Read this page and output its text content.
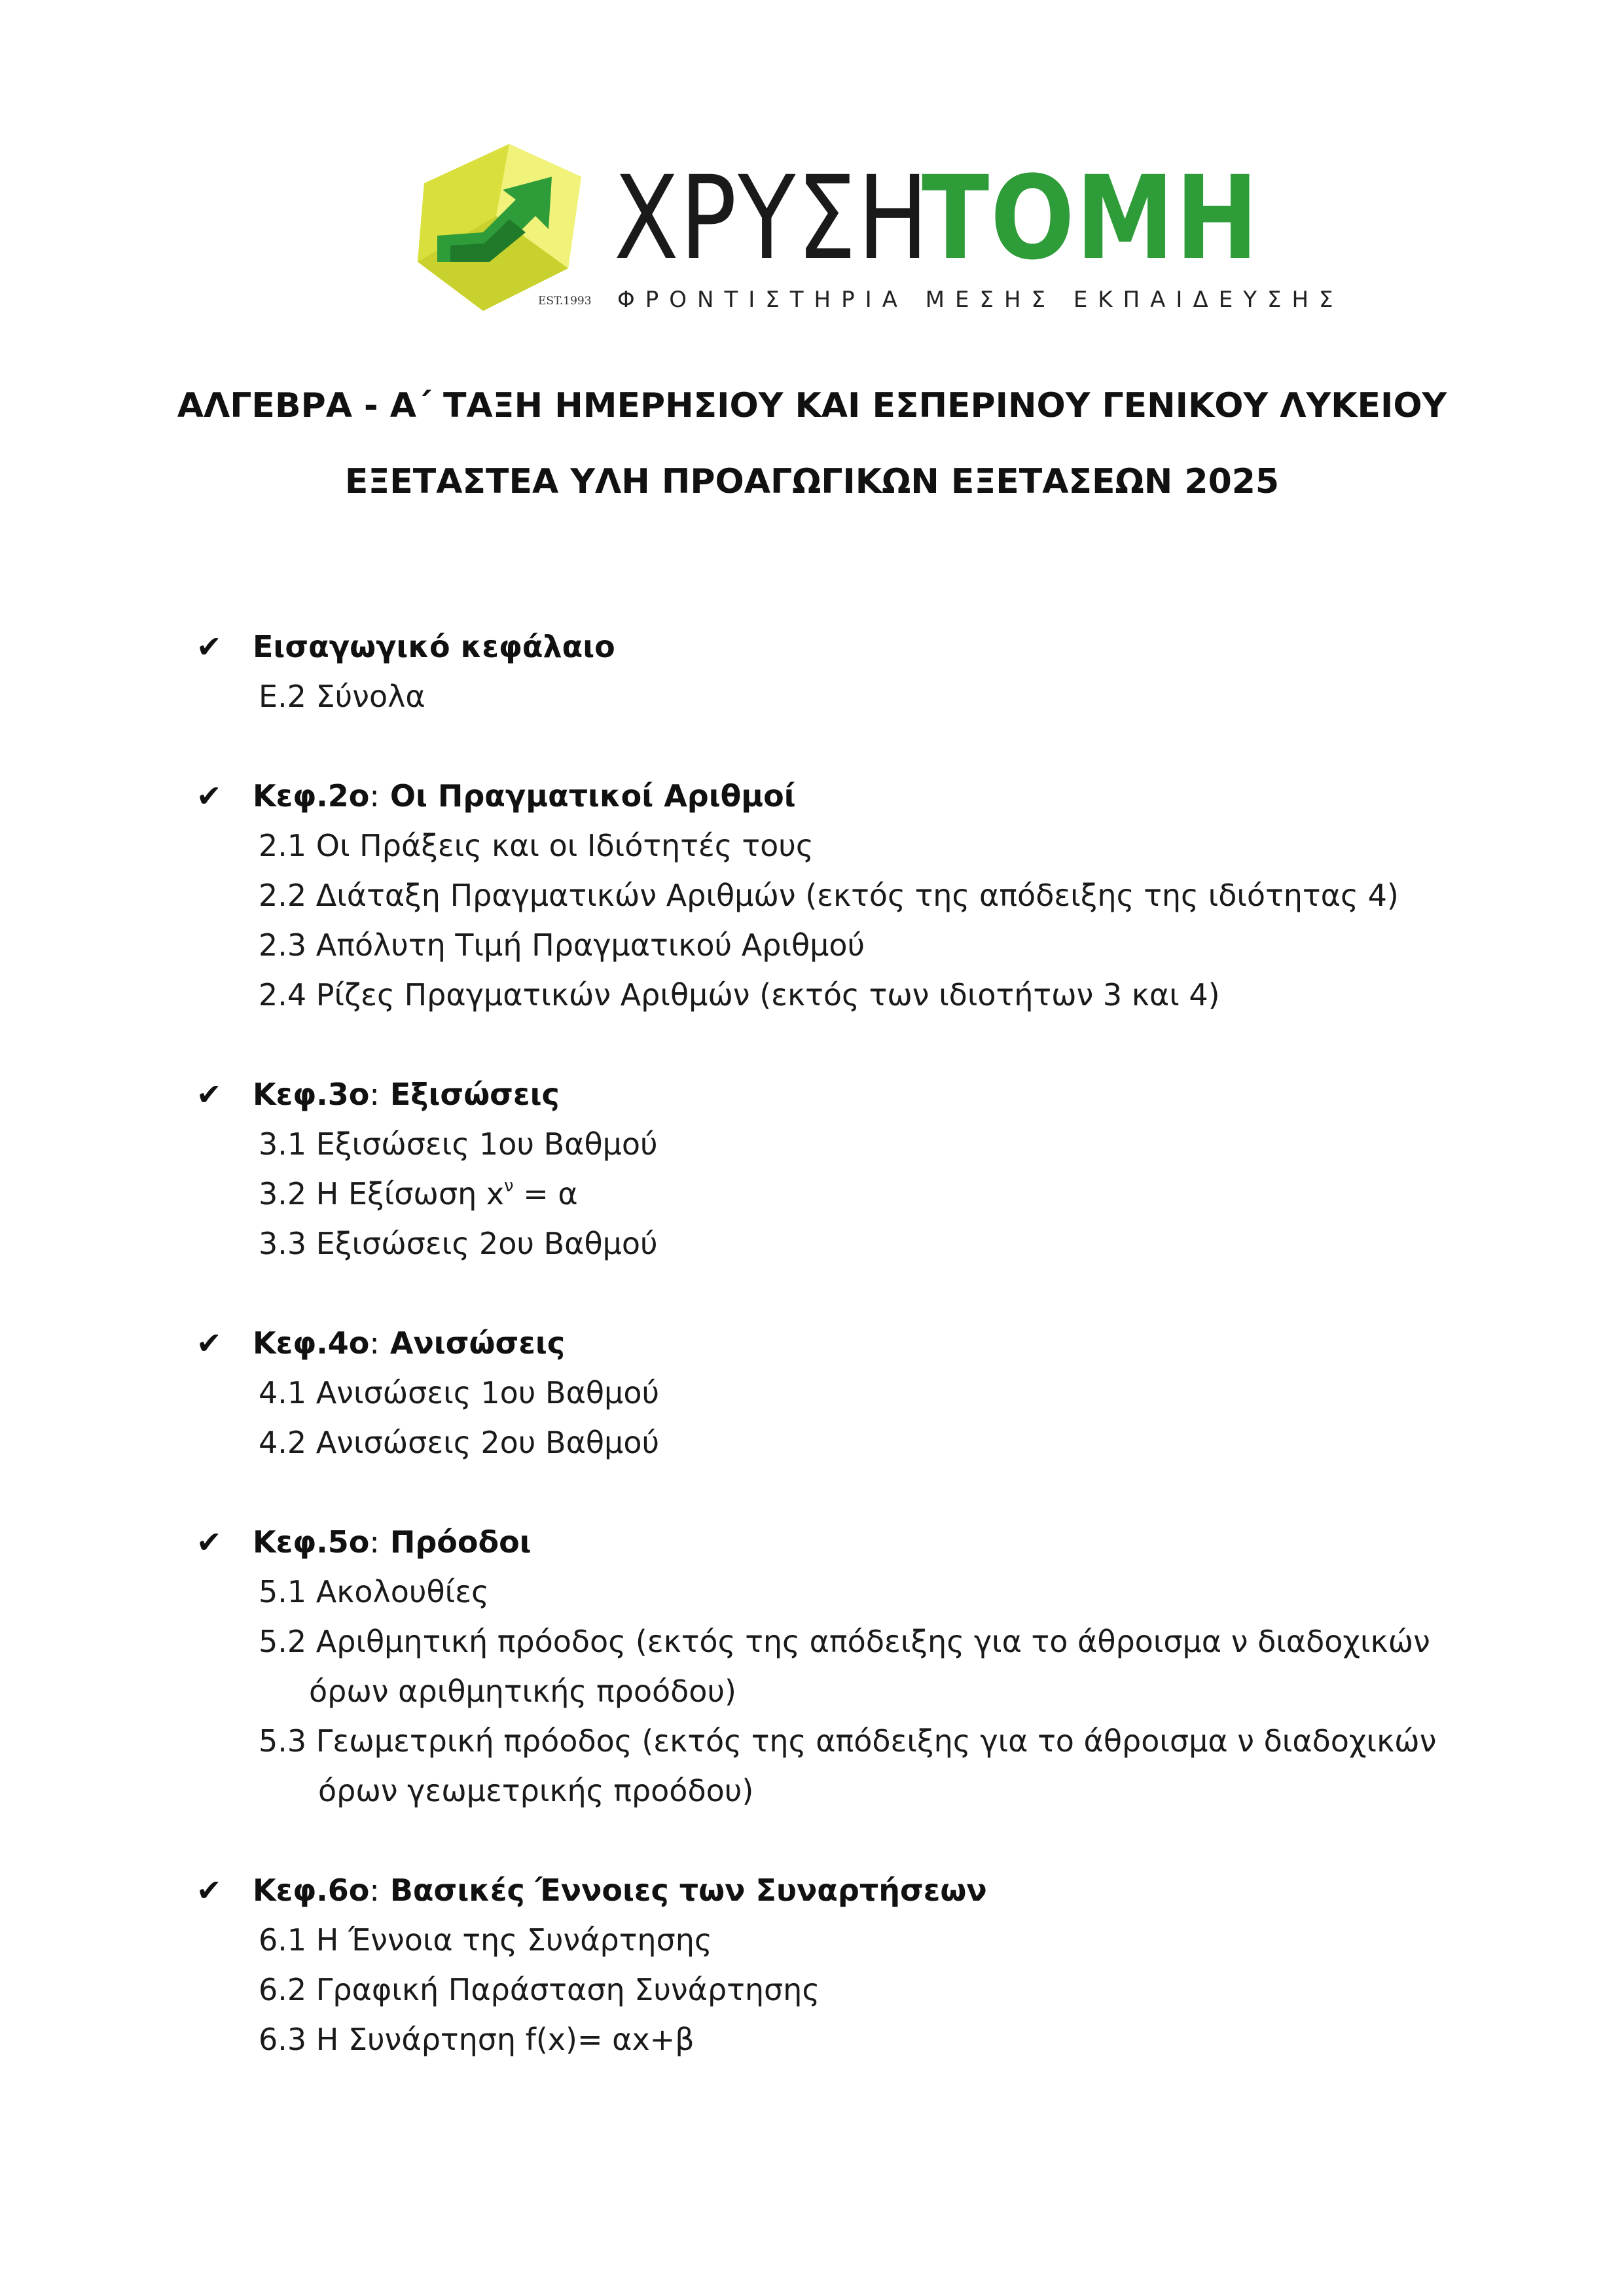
EST.1993
ΧΡΥΣΗ
ΤΟΜΗ
ΦΡΟΝΤΙΣΤΗΡΙΑ ΜΕΣΗΣ ΕΚΠΑΙΔΕΥΣΗΣ
ΑΛΓΕΒΡΑ - Α΄ ΤΑΞΗ ΗΜΕΡΗΣΙΟΥ ΚΑΙ ΕΣΠΕΡΙΝΟΥ ΓΕΝΙΚΟΥ ΛΥΚΕΙΟΥ
ΕΞΕΤΑΣΤΕΑ ΥΛΗ ΠΡΟΑΓΩΓΙΚΩΝ ΕΞΕΤΑΣΕΩΝ 2025
✔ Εισαγωγικό κεφάλαιο
Ε.2 Σύνολα
✔ Κεφ.2ο: Οι Πραγματικοί Αριθμοί
2.1 Οι Πράξεις και οι Ιδιότητές τους
2.2 Διάταξη Πραγματικών Αριθμών (εκτός της απόδειξης της ιδιότητας 4)
2.3 Απόλυτη Τιμή Πραγματικού Αριθμού
2.4 Ρίζες Πραγματικών Αριθμών (εκτός των ιδιοτήτων 3 και 4)
✔ Κεφ.3ο: Εξισώσεις
3.1 Εξισώσεις 1ου Βαθμού
3.2 Η Εξίσωση $x^\nu = \alpha$
3.3 Εξισώσεις 2ου Βαθμού
✔ Κεφ.4ο: Ανισώσεις
4.1 Ανισώσεις 1ου Βαθμού
4.2 Ανισώσεις 2ου Βαθμού
✔ Κεφ.5ο: Πρόοδοι
5.1 Ακολουθίες
5.2 Αριθμητική πρόοδος (εκτός της απόδειξης για το άθροισμα ν διαδοχικών
όρων αριθμητικής προόδου)
5.3 Γεωμετρική πρόοδος (εκτός της απόδειξης για το άθροισμα ν διαδοχικών
όρων γεωμετρικής προόδου)
✔ Κεφ.6ο: Βασικές Έννοιες των Συναρτήσεων
6.1 Η Έννοια της Συνάρτησης
6.2 Γραφική Παράσταση Συνάρτησης
6.3 Η Συνάρτηση f(x)= αx+β
